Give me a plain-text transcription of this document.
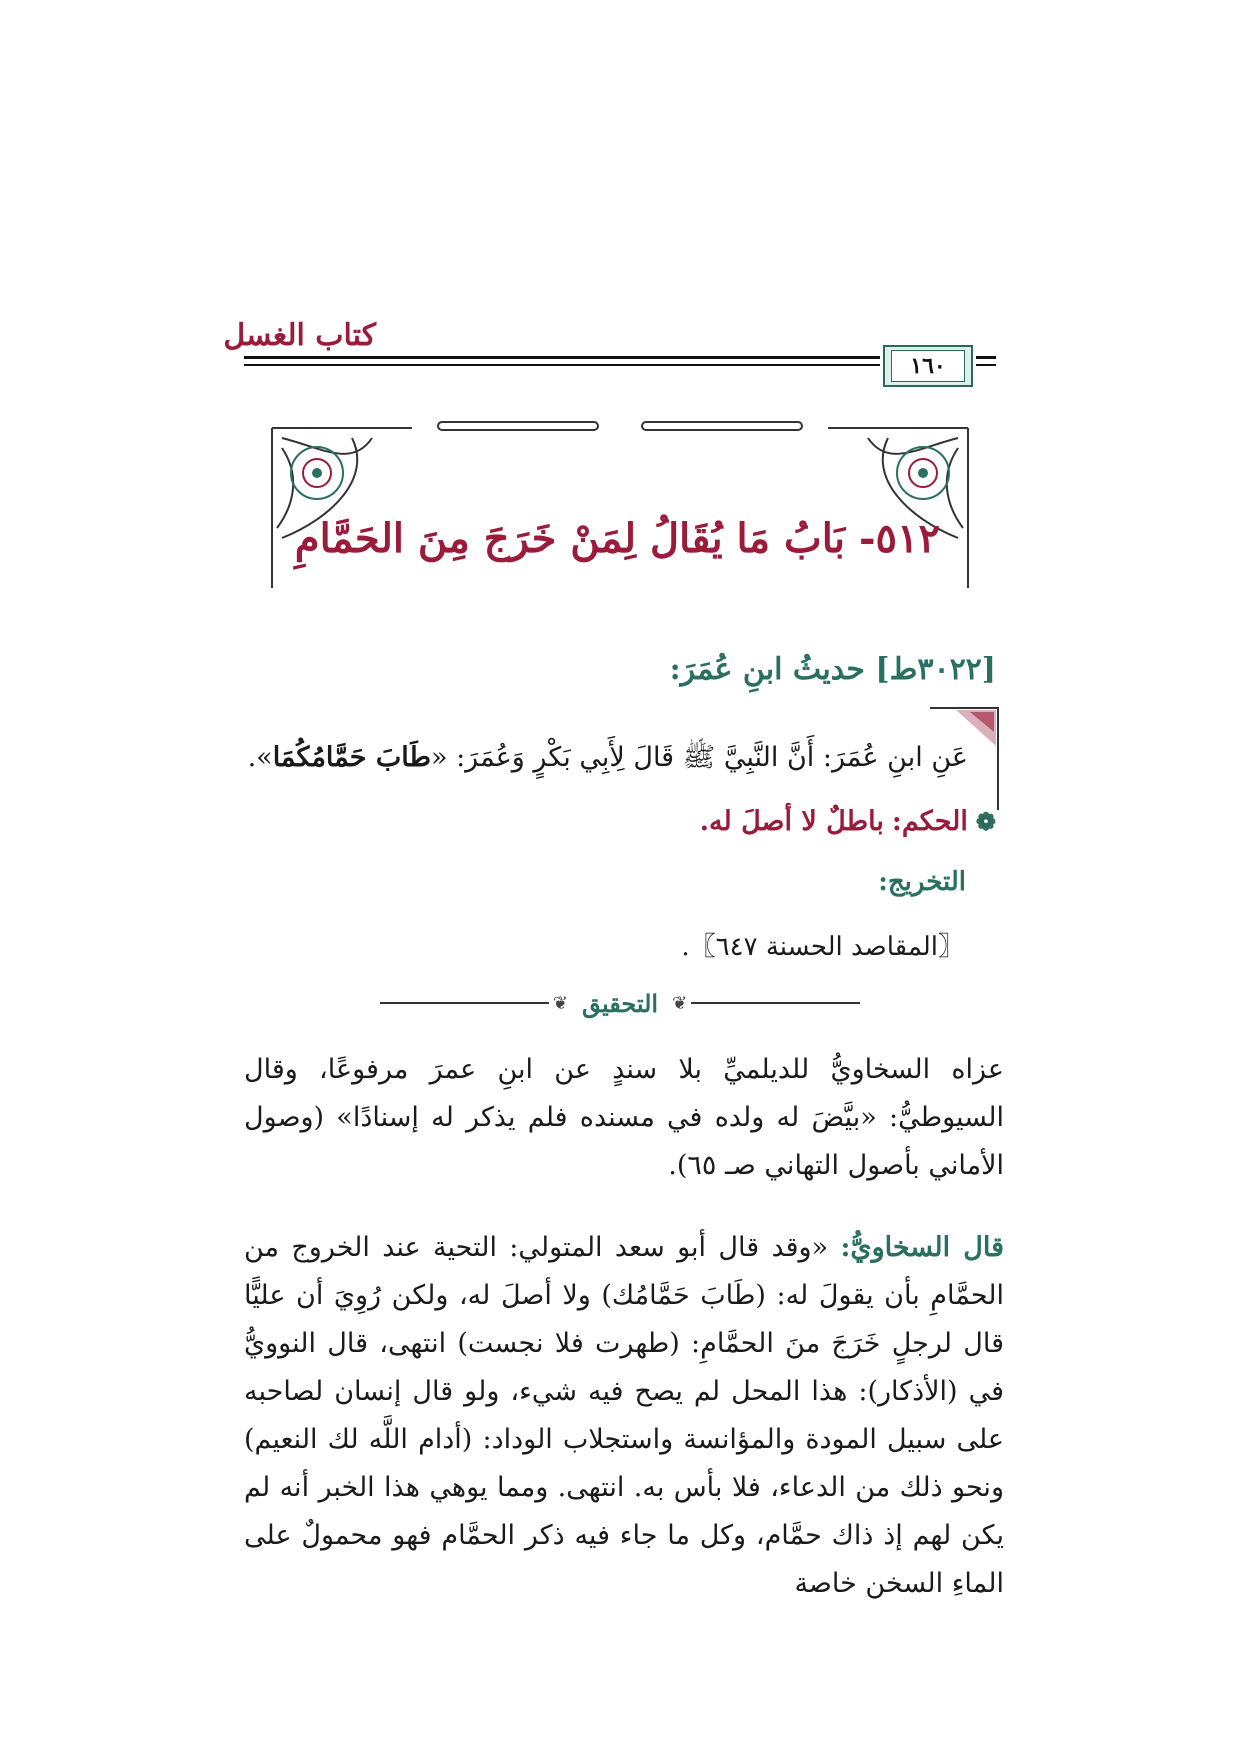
كتاب الغسل
١٦٠
٥١٢- بَابُ مَا يُقَالُ لِمَنْ خَرَجَ مِنَ الحَمَّامِ
[٣٠٢٢ط] حديثُ ابنِ عُمَرَ:
عَنِ ابنِ عُمَرَ: أَنَّ النَّبِيَّ ﷺ قَالَ لِأَبِي بَكْرٍ وَعُمَرَ: «طَابَ حَمَّامُكُمَا».
❁
الحكم:
باطلٌ لا أصلَ له.
التخريج:
〖المقاصد الحسنة ٦٤٧〗.
❦ التحقيق ❦
عزاه السخاويُّ للديلميِّ بلا سندٍ عن ابنِ عمرَ مرفوعًا، وقال السيوطيُّ: «بيَّضَ له ولده في مسنده فلم يذكر له إسنادًا» (وصول الأماني بأصول التهاني صـ ٦٥).
قال السخاويُّ: «وقد قال أبو سعد المتولي: التحية عند الخروج من الحمَّامِ بأن يقولَ له: (طَابَ حَمَّامُك) ولا أصلَ له، ولكن رُوِيَ أن عليًّا قال لرجلٍ خَرَجَ منَ الحمَّامِ: (طهرت فلا نجست) انتهى، قال النوويُّ في (الأذكار): هذا المحل لم يصح فيه شيء، ولو قال إنسان لصاحبه على سبيل المودة والمؤانسة واستجلاب الوداد: (أدام اللَّه لك النعيم) ونحو ذلك من الدعاء، فلا بأس به. انتهى. ومما يوهي هذا الخبر أنه لم يكن لهم إذ ذاك حمَّام، وكل ما جاء فيه ذكر الحمَّام فهو محمولٌ على الماءِ السخن خاصة
